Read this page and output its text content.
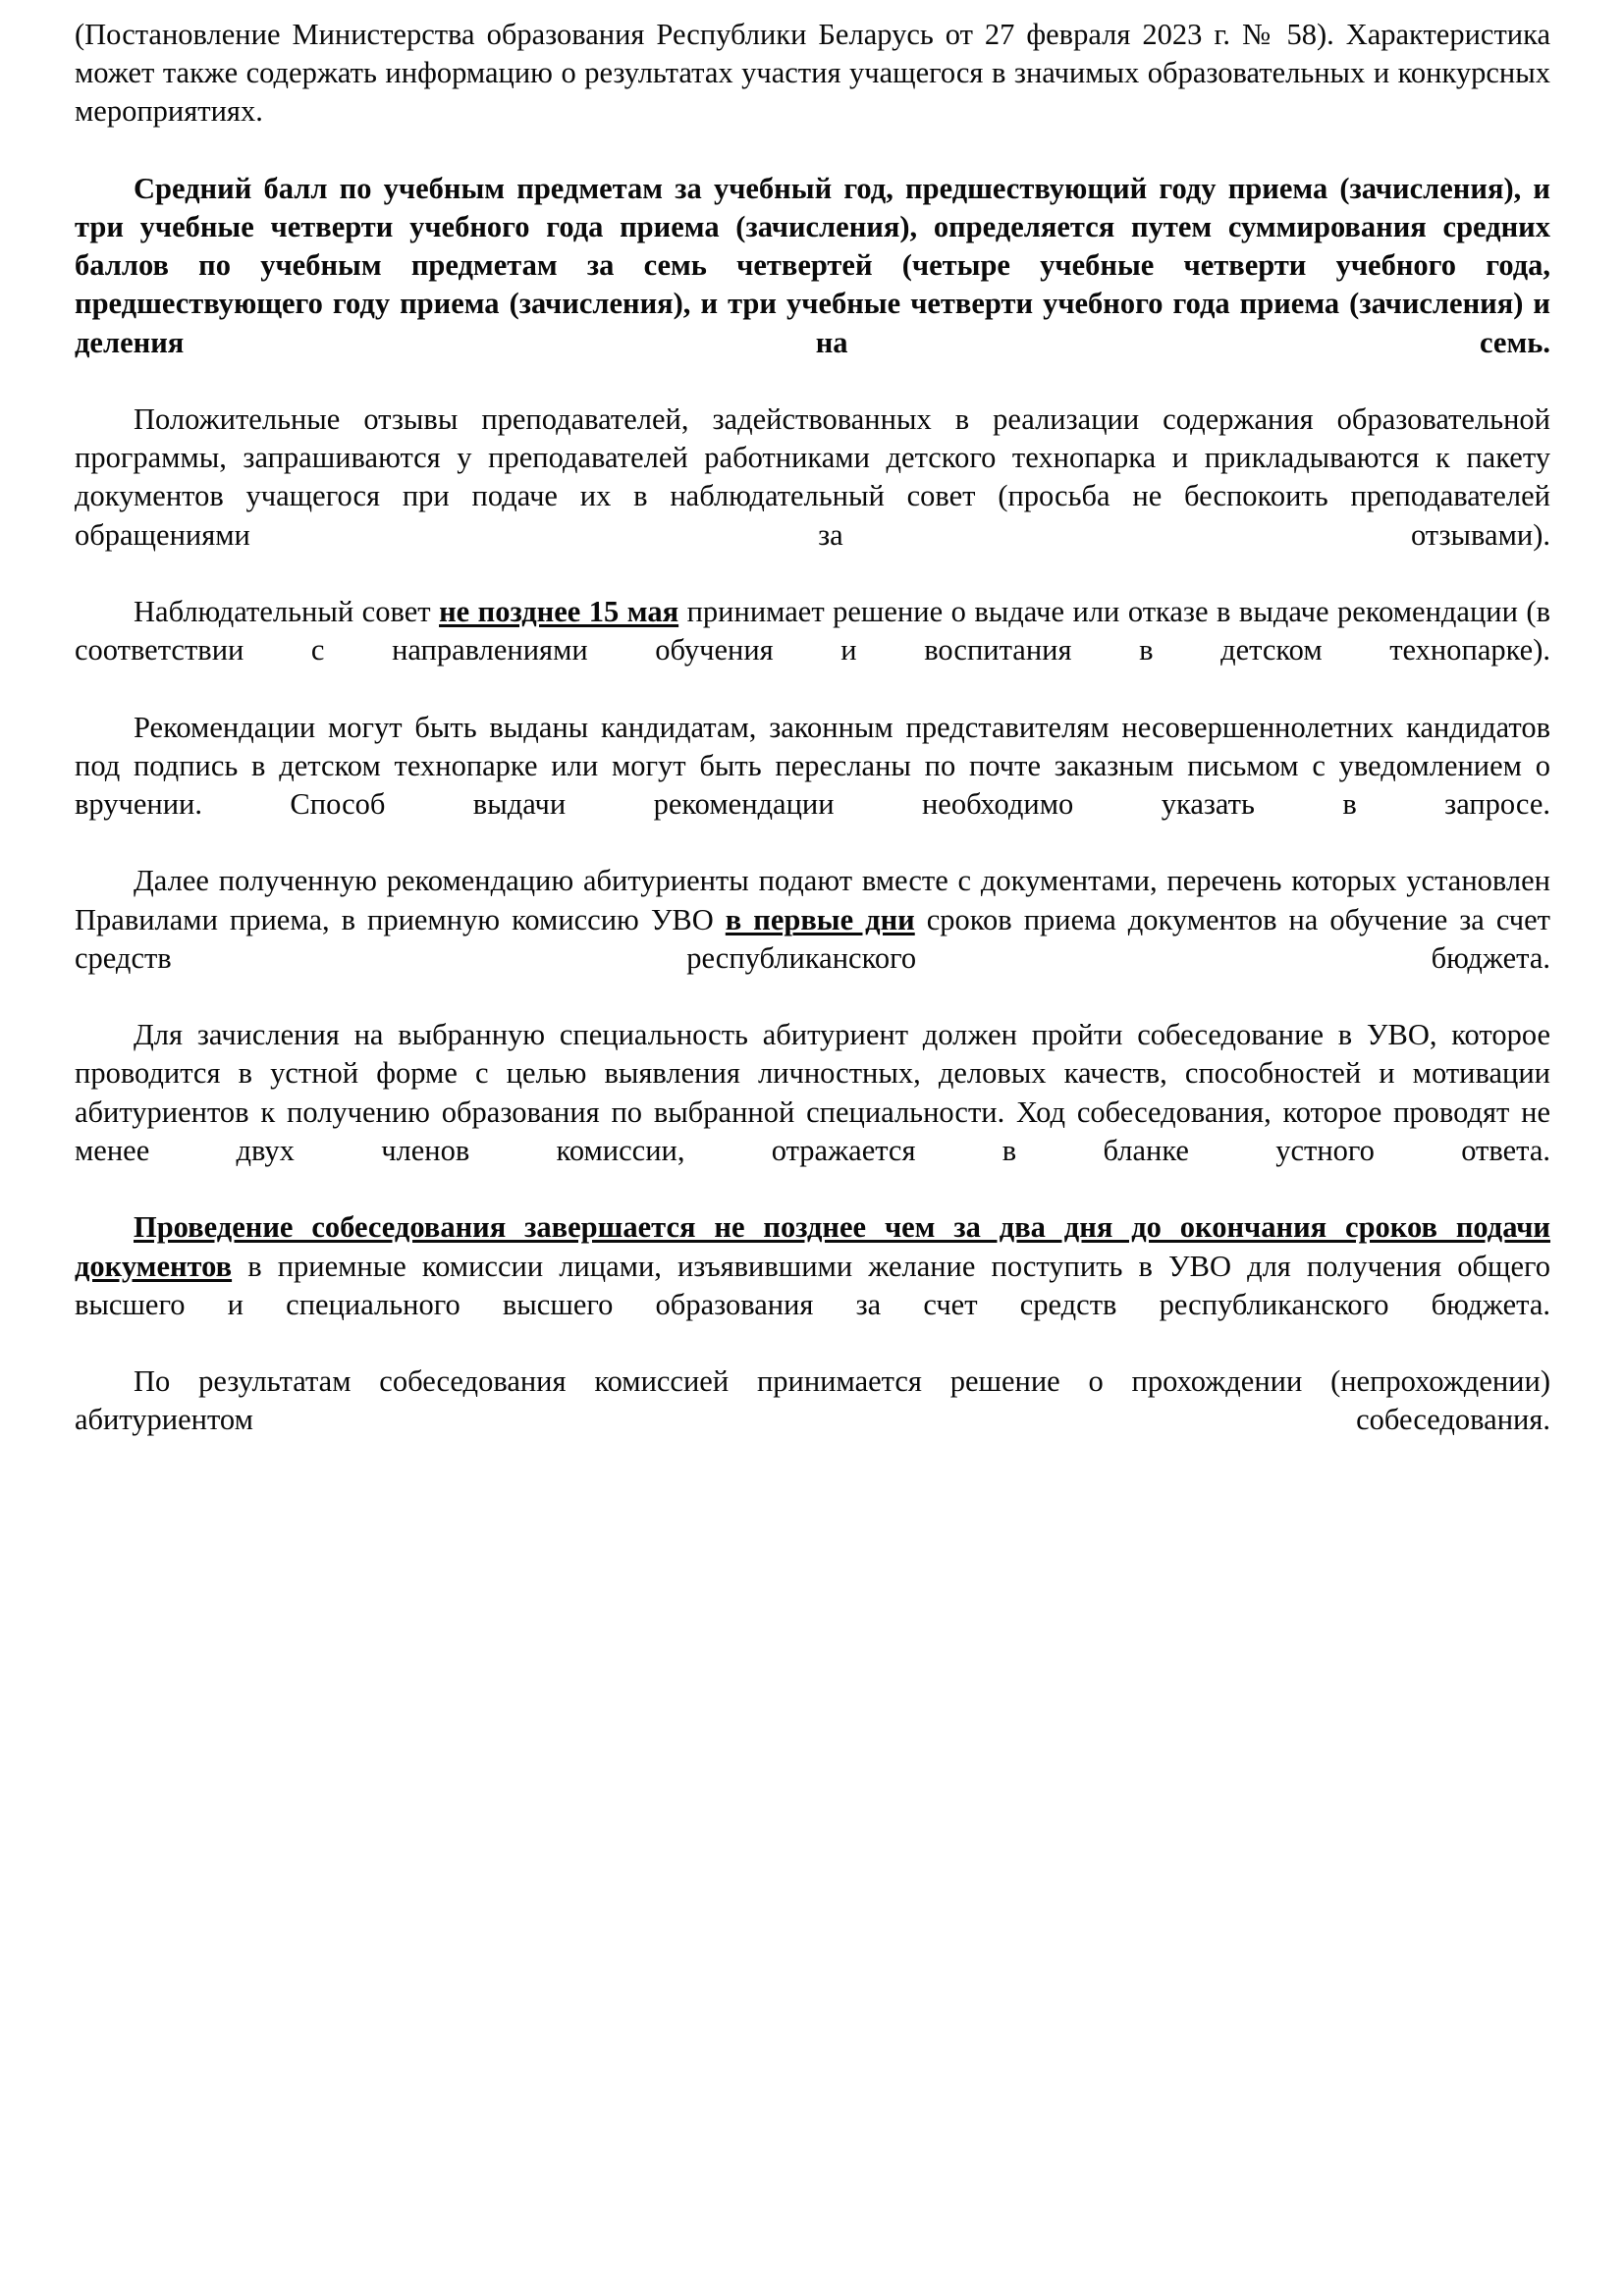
(Постановление Министерства образования Республики Беларусь от 27 февраля 2023 г. № 58). Характеристика может также содержать информацию о результатах участия учащегося в значимых образовательных и конкурсных мероприятиях.

Средний балл по учебным предметам за учебный год, предшествующий году приема (зачисления), и три учебные четверти учебного года приема (зачисления), определяется путем суммирования средних баллов по учебным предметам за семь четвертей (четыре учебные четверти учебного года, предшествующего году приема (зачисления), и три учебные четверти учебного года приема (зачисления) и деления на семь.

Положительные отзывы преподавателей, задействованных в реализации содержания образовательной программы, запрашиваются у преподавателей работниками детского технопарка и прикладываются к пакету документов учащегося при подаче их в наблюдательный совет (просьба не беспокоить преподавателей обращениями за отзывами).

Наблюдательный совет не позднее 15 мая принимает решение о выдаче или отказе в выдаче рекомендации (в соответствии с направлениями обучения и воспитания в детском технопарке).

Рекомендации могут быть выданы кандидатам, законным представителям несовершеннолетних кандидатов под подпись в детском технопарке или могут быть пересланы по почте заказным письмом с уведомлением о вручении. Способ выдачи рекомендации необходимо указать в запросе.

Далее полученную рекомендацию абитуриенты подают вместе с документами, перечень которых установлен Правилами приема, в приемную комиссию УВО в первые дни сроков приема документов на обучение за счет средств республиканского бюджета.

Для зачисления на выбранную специальность абитуриент должен пройти собеседование в УВО, которое проводится в устной форме с целью выявления личностных, деловых качеств, способностей и мотивации абитуриентов к получению образования по выбранной специальности. Ход собеседования, которое проводят не менее двух членов комиссии, отражается в бланке устного ответа.

Проведение собеседования завершается не позднее чем за два дня до окончания сроков подачи документов в приемные комиссии лицами, изъявившими желание поступить в УВО для получения общего высшего и специального высшего образования за счет средств республиканского бюджета.

По результатам собеседования комиссией принимается решение о прохождении (непрохождении) абитуриентом собеседования.
